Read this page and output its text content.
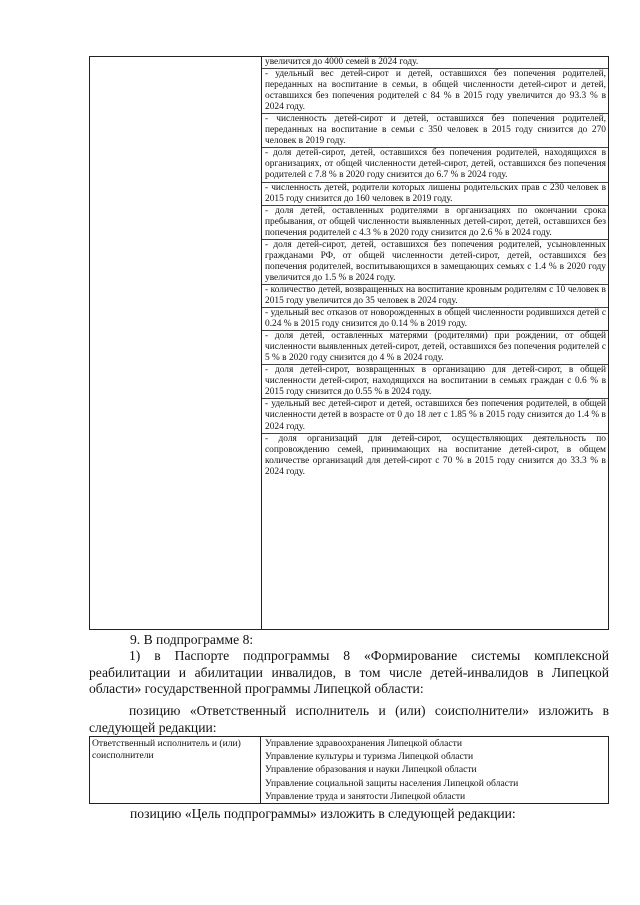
увеличится до 4000 семей в 2024 году.
- удельный вес детей-сирот и детей, оставшихся без попечения родителей, переданных на воспитание в семьи, в общей численности детей-сирот и детей, оставшихся без попечения родителей с 84 % в 2015 году увеличится до 93.3 % в 2024 году.
- численность детей-сирот и детей, оставшихся без попечения родителей, переданных на воспитание в семьи с 350 человек в 2015 году снизится до 270 человек в 2019 году.
- доля детей-сирот, детей, оставшихся без попечения родителей, находящихся в организациях, от общей численности детей-сирот, детей, оставшихся без попечения родителей с 7.8 % в 2020 году снизится до 6.7 % в 2024 году.
- численность детей, родители которых лишены родительских прав с 230 человек в 2015 году снизится до 160 человек в 2019 году.
- доля детей, оставленных родителями в организациях по окончании срока пребывания, от общей численности выявленных детей-сирот, детей, оставшихся без попечения родителей с 4.3 % в 2020 году снизится до 2.6 % в 2024 году.
- доля детей-сирот, детей, оставшихся без попечения родителей, усыновленных гражданами РФ, от общей численности детей-сирот, детей, оставшихся без попечения родителей, воспитывающихся в замещающих семьях с 1.4 % в 2020 году увеличится до 1.5 % в 2024 году.
- количество детей, возвращенных на воспитание кровным родителям с 10 человек в 2015 году увеличится до 35 человек в 2024 году.
- удельный вес отказов от новорожденных в общей численности родившихся детей с 0.24 % в 2015 году снизится до 0.14 % в 2019 году.
- доля детей, оставленных матерями (родителями) при рождении, от общей численности выявленных детей-сирот, детей, оставшихся без попечения родителей с 5 % в 2020 году снизится до 4 % в 2024 году.
- доля детей-сирот, возвращенных в организацию для детей-сирот, в общей численности детей-сирот, находящихся на воспитании в семьях граждан с 0.6 % в 2015 году снизится до 0.55 % в 2024 году.
- удельный вес детей-сирот и детей, оставшихся без попечения родителей, в общей численности детей в возрасте от 0 до 18 лет с 1.85 % в 2015 году снизится до 1.4 % в 2024 году.
- доля организаций для детей-сирот, осуществляющих деятельность по сопровождению семей, принимающих на воспитание детей-сирот, в общем количестве организаций для детей-сирот с 70 % в 2015 году снизится до 33.3 % в 2024 году.
9. В подпрограмме 8:
1) в Паспорте подпрограммы 8 «Формирование системы комплексной реабилитации и абилитации инвалидов, в том числе детей-инвалидов в Липецкой области» государственной программы Липецкой области:
позицию «Ответственный исполнитель и (или) соисполнители» изложить в следующей редакции:
Ответственный исполнитель и (или) соисполнители
Управление здравоохранения Липецкой области
Управление культуры и туризма Липецкой области
Управление образования и науки Липецкой области
Управление социальной защиты населения Липецкой области
Управление труда и занятости Липецкой области
позицию «Цель подпрограммы» изложить в следующей редакции:
